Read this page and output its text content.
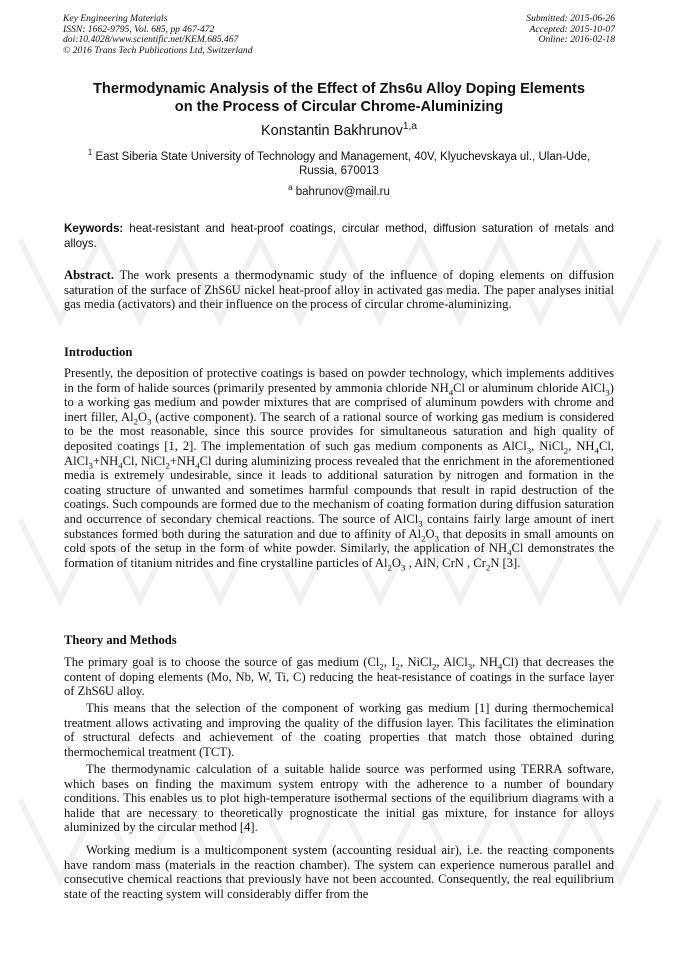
Key Engineering Materials
ISSN: 1662-9795, Vol. 685, pp 467-472
doi:10.4028/www.scientific.net/KEM.685.467
© 2016 Trans Tech Publications Ltd, Switzerland
Submitted: 2015-06-26
Accepted: 2015-10-07
Online: 2016-02-18
Thermodynamic Analysis of the Effect of Zhs6u Alloy Doping Elements
on the Process of Circular Chrome-Aluminizing
Konstantin Bakhrunov$^{1,a}$
$^1$ East Siberia State University of Technology and Management, 40V, Klyuchevskaya ul., Ulan-Ude,
Russia, 670013
$^a$ bahrunov@mail.ru
Keywords: heat-resistant and heat-proof coatings, circular method, diffusion saturation of metals and alloys.
Abstract. The work presents a thermodynamic study of the influence of doping elements on diffusion saturation of the surface of ZhS6U nickel heat-proof alloy in activated gas media. The paper analyses initial gas media (activators) and their influence on the process of circular chrome-aluminizing.
Introduction
Presently, the deposition of protective coatings is based on powder technology, which implements additives in the form of halide sources (primarily presented by ammonia chloride $NH_4Cl$ or aluminum chloride AlCl$_3$) to a working gas medium and powder mixtures that are comprised of aluminum powders with chrome and inert filler, $Al_2O_3$ (active component). The search of a rational source of working gas medium is considered to be the most reasonable, since this source provides for simultaneous saturation and high quality of deposited coatings [1, 2]. The implementation of such gas medium components as AlCl$_3$, NiCl$_2$, $NH_4Cl$, $AlCl_3+NH_4Cl$, $NiCl_2+NH_4Cl$ during aluminizing process revealed that the enrichment in the aforementioned media is extremely undesirable, since it leads to additional saturation by nitrogen and formation in the coating structure of unwanted and sometimes harmful compounds that result in rapid destruction of the coatings. Such compounds are formed due to the mechanism of coating formation during diffusion saturation and occurrence of secondary chemical reactions. The source of AlCl$_3$ contains fairly large amount of inert substances formed both during the saturation and due to affinity of $Al_2O_3$ that deposits in small amounts on cold spots of the setup in the form of white powder. Similarly, the application of $NH_4Cl$ demonstrates the formation of titanium nitrides and fine crystalline particles of $Al_2O_3$ , AlN, CrN , $Cr_2N$ [3].
Theory and Methods
The primary goal is to choose the source of gas medium ($Cl_2$, $I_2$, NiCl$_2$, AlCl$_3$, $NH_4Cl$) that decreases the content of doping elements (Mo, Nb, W, Ti, C) reducing the heat-resistance of coatings in the surface layer of ZhS6U alloy.
This means that the selection of the component of working gas medium [1] during thermochemical treatment allows activating and improving the quality of the diffusion layer. This facilitates the elimination of structural defects and achievement of the coating properties that match those obtained during thermochemical treatment (TCT).
The thermodynamic calculation of a suitable halide source was performed using TERRA software, which bases on finding the maximum system entropy with the adherence to a number of boundary conditions. This enables us to plot high-temperature isothermal sections of the equilibrium diagrams with a halide that are necessary to theoretically prognosticate the initial gas mixture, for instance for alloys aluminized by the circular method [4].
Working medium is a multicomponent system (accounting residual air), i.e. the reacting components have random mass (materials in the reaction chamber). The system can experience numerous parallel and consecutive chemical reactions that previously have not been accounted. Consequently, the real equilibrium state of the reacting system will considerably differ from the
